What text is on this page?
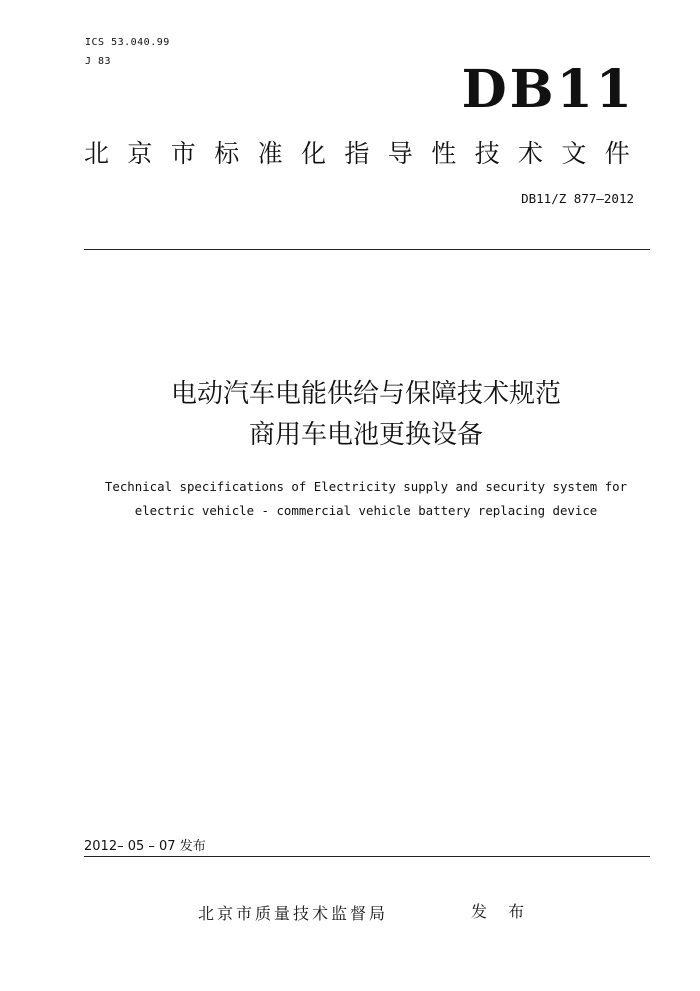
ICS 53.040.99
J 83	DB11
北京市标准化指导性技术文件
DB11/Z 877—2012
电动汽车电能供给与保障技术规范
商用车电池更换设备
Technical specifications of Electricity supply and security system for
electric vehicle - commercial vehicle battery replacing device
2012– 05 – 07 发布
北京市质量技术监督局	发 布
